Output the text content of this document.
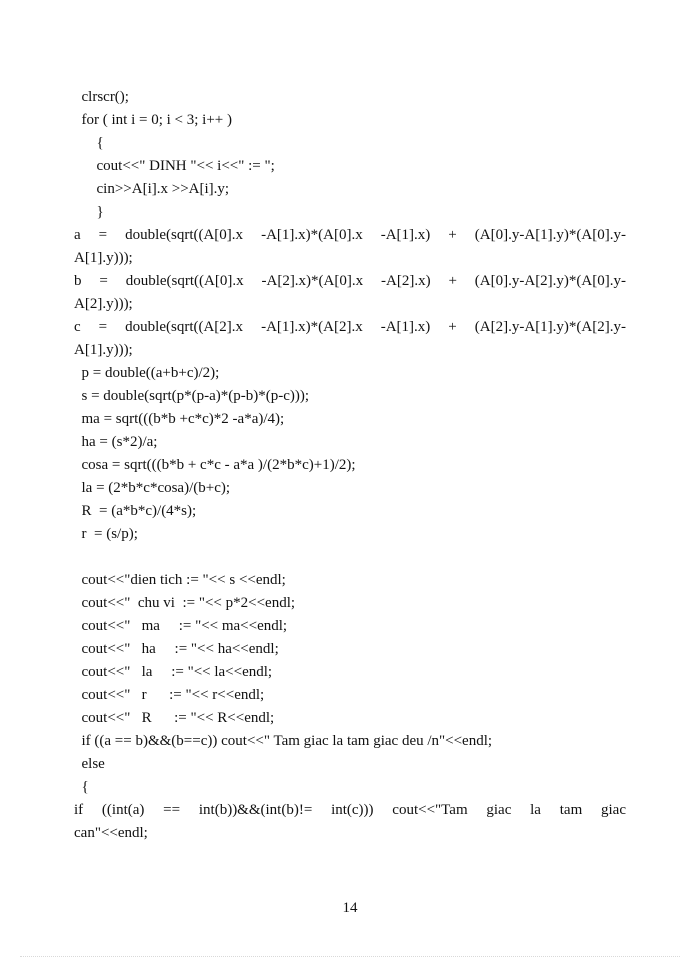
clrscr();
for ( int i = 0; i < 3; i++ )
{
cout<<" DINH "<< i<<" := ";
cin>>A[i].x >>A[i].y;
}
a = double(sqrt((A[0].x -A[1].x)*(A[0].x -A[1].x) + (A[0].y-A[1].y)*(A[0].y-
A[1].y)));
b = double(sqrt((A[0].x -A[2].x)*(A[0].x -A[2].x) + (A[0].y-A[2].y)*(A[0].y-
A[2].y)));
c = double(sqrt((A[2].x -A[1].x)*(A[2].x -A[1].x) + (A[2].y-A[1].y)*(A[2].y-
A[1].y)));
p = double((a+b+c)/2);
s = double(sqrt(p*(p-a)*(p-b)*(p-c)));
ma = sqrt(((b*b +c*c)*2 -a*a)/4);
ha = (s*2)/a;
cosa = sqrt(((b*b + c*c - a*a )/(2*b*c)+1)/2);
la = (2*b*c*cosa)/(b+c);
R  = (a*b*c)/(4*s);
r  = (s/p);
cout<<"dien tich := "<< s <<endl;
cout<<"  chu vi  := "<< p*2<<endl;
cout<<"   ma     := "<< ma<<endl;
cout<<"   ha     := "<< ha<<endl;
cout<<"   la     := "<< la<<endl;
cout<<"   r      := "<< r<<endl;
cout<<"   R      := "<< R<<endl;
if ((a == b)&&(b==c)) cout<<" Tam giac la tam giac deu /n"<<endl;
else
{
if ((int(a) == int(b))&&(int(b)!= int(c))) cout<<"Tam giac la tam giac
can"<<endl;
14
